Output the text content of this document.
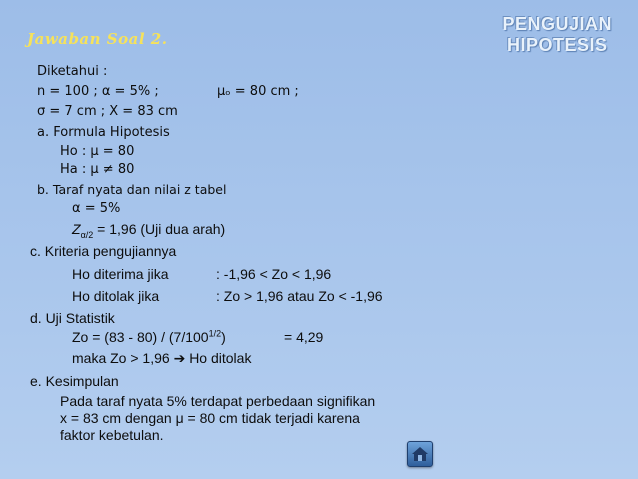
Jawaban Soal 2.
PENGUJIAN
HIPOTESIS
Diketahui :
n = 100 ; α = 5% ;	μₒ = 80 cm ;
σ = 7 cm ; X = 83 cm
a. Formula Hipotesis
Ho : μ = 80
Ha : μ ≠ 80
b. Taraf nyata dan nilai z tabel
α = 5%
$Z_{\alpha/2} = 1,96$ (Uji dua arah)
c. Kriteria pengujiannya
Ho diterima jika	: -1,96 < Zo < 1,96
Ho ditolak jika	: Zo > 1,96 atau Zo < -1,96
d. Uji Statistik
$Zo = (83 - 80) / (7/100^{1/2})$	= 4,29
maka Zo > 1,96 ➔ Ho ditolak
e. Kesimpulan
Pada taraf nyata 5% terdapat perbedaan signifikan
x = 83 cm dengan μ = 80 cm tidak terjadi karena
faktor kebetulan.
